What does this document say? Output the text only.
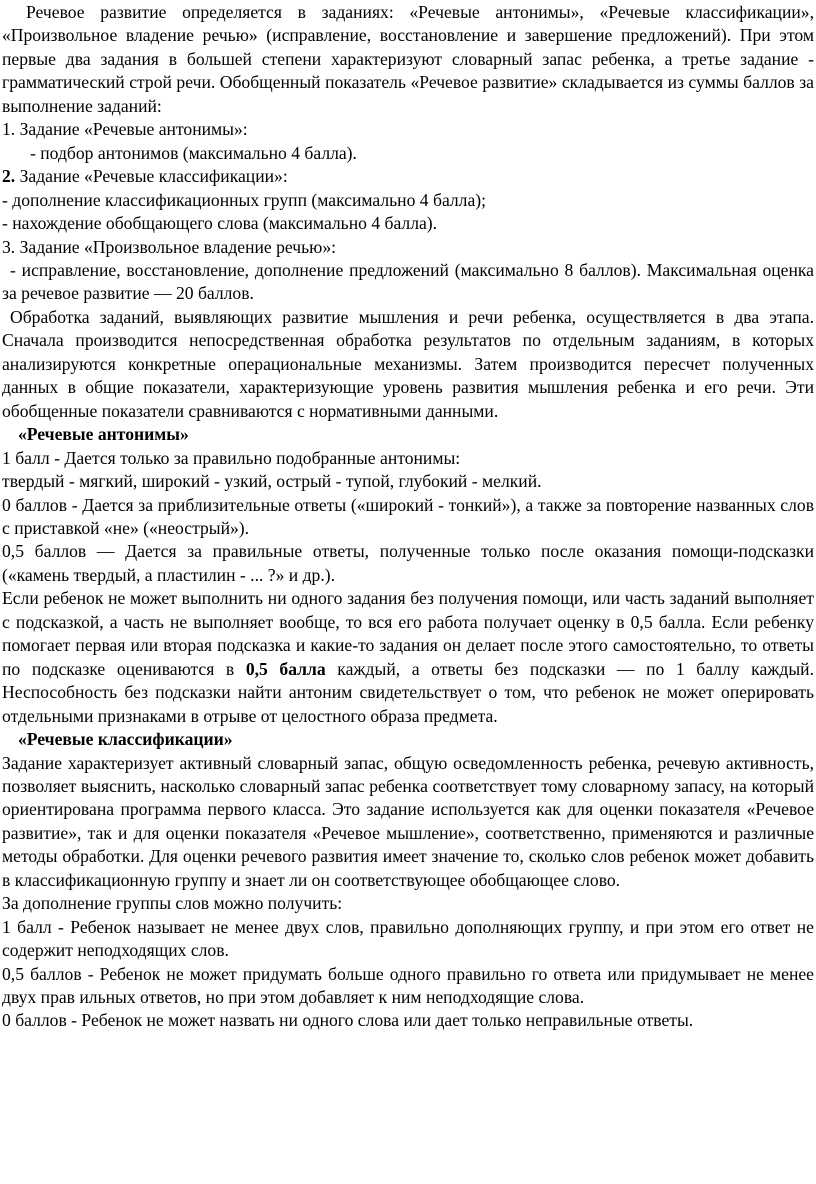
Речевое развитие определяется в заданиях: «Речевые антонимы», «Речевые классификации», «Произвольное владение речью» (исправление, восстановление и завершение предложений). При этом первые два задания в большей степени характеризуют словарный запас ребенка, а третье задание - грамматический строй речи. Обобщенный показатель «Речевое развитие» складывается из суммы баллов за выполнение заданий:

1. Задание «Речевые антонимы»:

- подбор антонимов (максимально 4 балла).

2. Задание «Речевые классификации»:

- дополнение классификационных групп (максимально 4 балла);

- нахождение обобщающего слова (максимально 4 балла).

3. Задание «Произвольное владение речью»:

- исправление, восстановление, дополнение предложений (максимально 8 баллов). Максимальная оценка за речевое развитие — 20 баллов.

Обработка заданий, выявляющих развитие мышления и речи ребенка, осуществляется в два этапа. Сначала производится непосредственная обработка результатов по отдельным заданиям, в которых анализируются конкретные операциональные механизмы. Затем производится пересчет полученных данных в общие показатели, характеризующие уровень развития мышления ребенка и его речи. Эти обобщенные показатели сравниваются с нормативными данными.

«Речевые антонимы»

1 балл - Дается только за правильно подобранные антонимы:

твердый - мягкий, широкий - узкий, острый - тупой, глубокий - мелкий.

0 баллов - Дается за приблизительные ответы («широкий - тонкий»), а также за повторение названных слов с приставкой «не» («неострый»).

0,5 баллов — Дается за правильные ответы, полученные только после оказания помощи-подсказки («камень твердый, а пластилин - ... ?» и др.).

Если ребенок не может выполнить ни одного задания без получения помощи, или часть заданий выполняет с подсказкой, а часть не выполняет вообще, то вся его работа получает оценку в 0,5 балла. Если ребенку помогает первая или вторая подсказка и какие-то задания он делает после этого самостоятельно, то ответы по подсказке оцениваются в 0,5 балла каждый, а ответы без подсказки — по 1 баллу каждый. Неспособность без подсказки найти антоним свидетельствует о том, что ребенок не может оперировать отдельными признаками в отрыве от целостного образа предмета.

«Речевые классификации»

Задание характеризует активный словарный запас, общую осведомленность ребенка, речевую активность, позволяет выяснить, насколько словарный запас ребенка соответствует тому словарному запасу, на который ориентирована программа первого класса. Это задание используется как для оценки показателя «Речевое развитие», так и для оценки показателя «Речевое мышление», соответственно, применяются и различные методы обработки. Для оценки речевого развития имеет значение то, сколько слов ребенок может добавить в классификационную группу и знает ли он соответствующее обобщающее слово.

За дополнение группы слов можно получить:

1 балл - Ребенок называет не менее двух слов, правильно дополняющих группу, и при этом его ответ не содержит неподходящих слов.

0,5 баллов - Ребенок не может придумать больше одного правильно го ответа или придумывает не менее двух прав ильных ответов, но при этом добавляет к ним неподходящие слова.

0 баллов - Ребенок не может назвать ни одного слова или дает только неправильные ответы.
